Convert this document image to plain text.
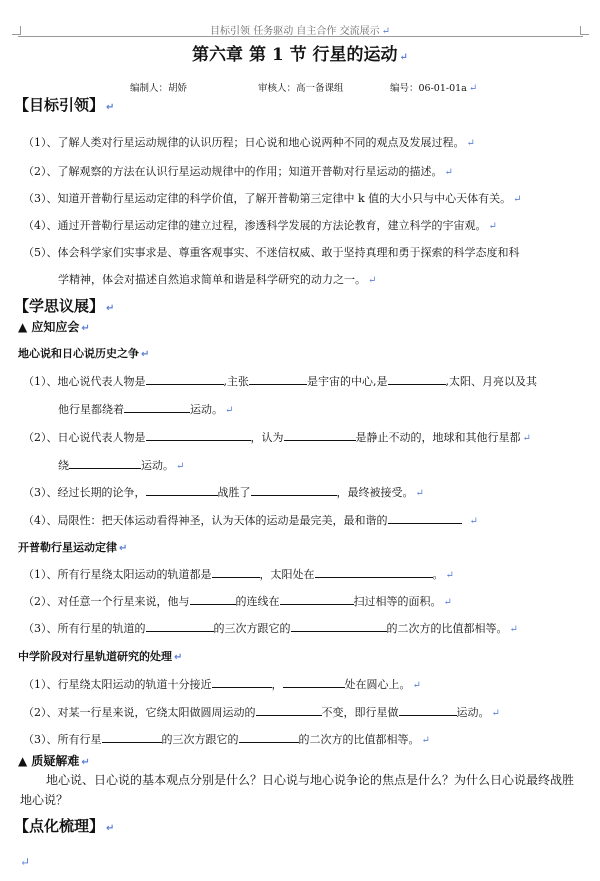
目标引领 任务驱动 自主合作 交流展示 ↵
第六章 第 1 节 行星的运动 ↵
编制人：胡娇	审核人：高一备课组	编号：06-01-01a ↵
【目标引领】 ↵
（1）、了解人类对行星运动规律的认识历程；日心说和地心说两种不同的观点及发展过程。 ↵
（2）、了解观察的方法在认识行星运动规律中的作用；知道开普勒对行星运动的描述。 ↵
（3）、知道开普勒行星运动定律的科学价值，了解开普勒第三定律中 k 值的大小只与中心天体有关。 ↵
（4）、通过开普勒行星运动定律的建立过程，渗透科学发展的方法论教育，建立科学的宇宙观。 ↵
（5）、体会科学家们实事求是、尊重客观事实、不迷信权威、敢于坚持真理和勇于探索的科学态度和科
学精神，体会对描述自然追求简单和谐是科学研究的动力之一。 ↵
【学思议展】 ↵
▲ 应知应会 ↵
地心说和日心说历史之争 ↵
（1）、地心说代表人物是	,主张	是宇宙的中心,是	,太阳、月亮以及其
他行星都绕着	运动。 ↵
（2）、日心说代表人物是	，认为	是静止不动的，地球和其他行星都 ↵
绕	运动。 ↵
（3）、经过长期的论争，	战胜了	，最终被接受。 ↵
（4）、局限性：把天体运动看得神圣，认为天体的运动是最完美，最和谐的	↵
开普勒行星运动定律 ↵
（1）、所有行星绕太阳运动的轨道都是	，太阳处在	。 ↵
（2）、对任意一个行星来说，他与	的连线在	扫过相等的面积。 ↵
（3）、所有行星的轨道的	的三次方跟它的	的二次方的比值都相等。 ↵
中学阶段对行星轨道研究的处理 ↵
（1）、行星绕太阳运动的轨道十分接近	，	处在圆心上。 ↵
（2）、对某一行星来说，它绕太阳做圆周运动的	不变，即行星做	运动。 ↵
（3）、所有行星	的三次方跟它的	的二次方的比值都相等。 ↵
▲ 质疑解难 ↵
地心说、日心说的基本观点分别是什么？日心说与地心说争论的焦点是什么？为什么日心说最终战胜地心说？
【点化梳理】 ↵
↵
